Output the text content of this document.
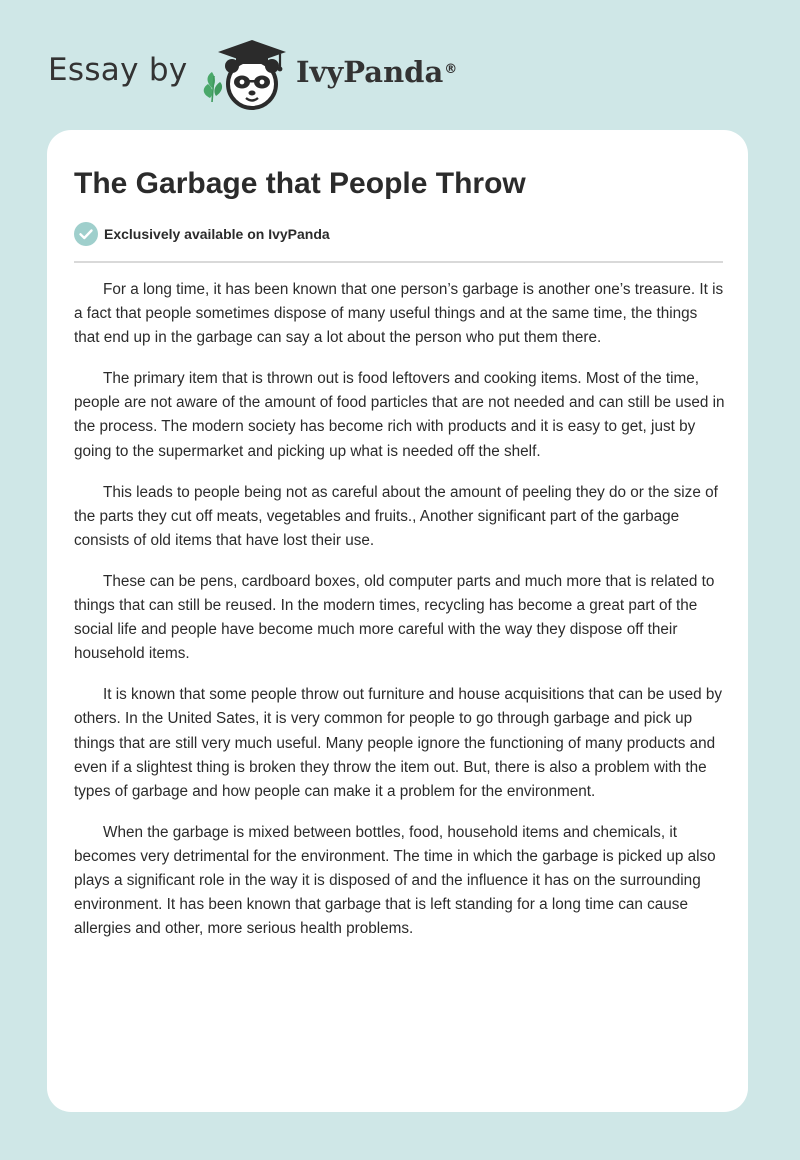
Essay by	IvyPanda®
The Garbage that People Throw
Exclusively available on IvyPanda

For a long time, it has been known that one person’s garbage is another one’s treasure. It is a fact that people sometimes dispose of many useful things and at the same time, the things that end up in the garbage can say a lot about the person who put them there.

The primary item that is thrown out is food leftovers and cooking items. Most of the time, people are not aware of the amount of food particles that are not needed and can still be used in the process. The modern society has become rich with products and it is easy to get, just by going to the supermarket and picking up what is needed off the shelf.

This leads to people being not as careful about the amount of peeling they do or the size of the parts they cut off meats, vegetables and fruits., Another significant part of the garbage consists of old items that have lost their use.

These can be pens, cardboard boxes, old computer parts and much more that is related to things that can still be reused. In the modern times, recycling has become a great part of the social life and people have become much more careful with the way they dispose off their household items.

It is known that some people throw out furniture and house acquisitions that can be used by others. In the United Sates, it is very common for people to go through garbage and pick up things that are still very much useful. Many people ignore the functioning of many products and even if a slightest thing is broken they throw the item out. But, there is also a problem with the types of garbage and how people can make it a problem for the environment.

When the garbage is mixed between bottles, food, household items and chemicals, it becomes very detrimental for the environment. The time in which the garbage is picked up also plays a significant role in the way it is disposed of and the influence it has on the surrounding environment. It has been known that garbage that is left standing for a long time can cause allergies and other, more serious health problems.
